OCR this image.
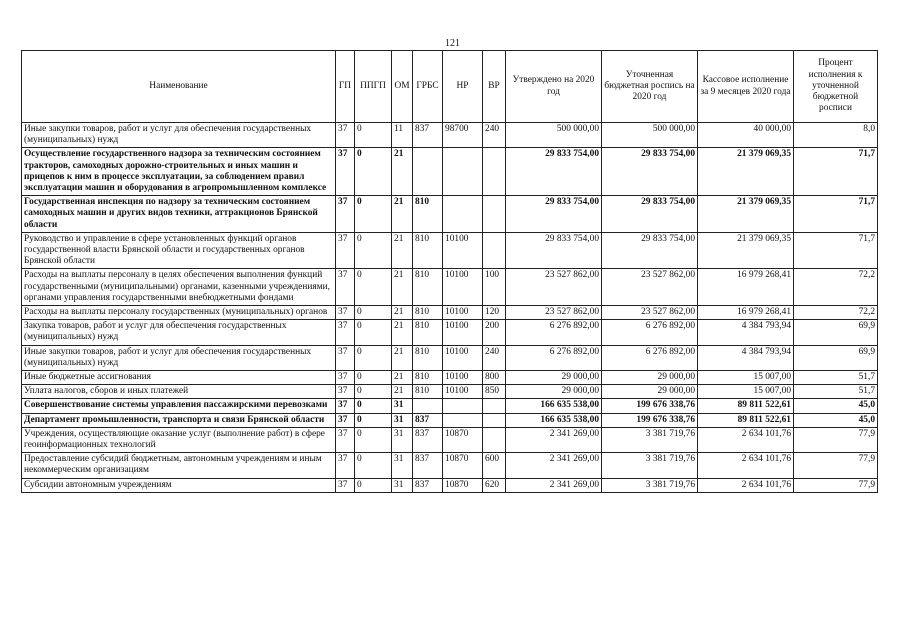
121
Наименование	ГП	ППГП	ОМ	ГРБС	НР	ВР	Утверждено на 2020 год	Уточненная бюджетная роспись на 2020 год	Кассовое исполнение за 9 месяцев 2020 года	Процент исполнения к уточненной бюджетной росписи
Иные закупки товаров, работ и услуг для обеспечения государственных (муниципальных) нужд	37	0	11	837	98700	240	500 000,00	500 000,00	40 000,00	8,0
Осуществление государственного надзора за техническим состоянием тракторов, самоходных дорожно-строительных и иных машин и прицепов к ним в процессе эксплуатации, за соблюдением правил эксплуатации машин и оборудования в агропромышленном комплексе	37	0	21				29 833 754,00	29 833 754,00	21 379 069,35	71,7
Государственная инспекция по надзору за техническим состоянием самоходных машин и других видов техники, аттракционов Брянской области	37	0	21	810			29 833 754,00	29 833 754,00	21 379 069,35	71,7
Руководство и управление в сфере установленных функций органов государственной власти Брянской области и государственных органов Брянской области	37	0	21	810	10100		29 833 754,00	29 833 754,00	21 379 069,35	71,7
Расходы на выплаты персоналу в целях обеспечения выполнения функций государственными (муниципальными) органами, казенными учреждениями, органами управления государственными внебюджетными фондами	37	0	21	810	10100	100	23 527 862,00	23 527 862,00	16 979 268,41	72,2
Расходы на выплаты персоналу государственных (муниципальных) органов	37	0	21	810	10100	120	23 527 862,00	23 527 862,00	16 979 268,41	72,2
Закупка товаров, работ и услуг для обеспечения государственных (муниципальных) нужд	37	0	21	810	10100	200	6 276 892,00	6 276 892,00	4 384 793,94	69,9
Иные закупки товаров, работ и услуг для обеспечения государственных (муниципальных) нужд	37	0	21	810	10100	240	6 276 892,00	6 276 892,00	4 384 793,94	69,9
Иные бюджетные ассигнования	37	0	21	810	10100	800	29 000,00	29 000,00	15 007,00	51,7
Уплата налогов, сборов и иных платежей	37	0	21	810	10100	850	29 000,00	29 000,00	15 007,00	51,7
Совершенствование системы управления пассажирскими перевозками	37	0	31				166 635 538,00	199 676 338,76	89 811 522,61	45,0
Департамент промышленности, транспорта и связи Брянской области	37	0	31	837			166 635 538,00	199 676 338,76	89 811 522,61	45,0
Учреждения, осуществляющие оказание услуг (выполнение работ) в сфере геоинформационных технологий	37	0	31	837	10870		2 341 269,00	3 381 719,76	2 634 101,76	77,9
Предоставление субсидий бюджетным, автономным учреждениям и иным некоммерческим организациям	37	0	31	837	10870	600	2 341 269,00	3 381 719,76	2 634 101,76	77,9
Субсидии автономным учреждениям	37	0	31	837	10870	620	2 341 269,00	3 381 719,76	2 634 101,76	77,9
